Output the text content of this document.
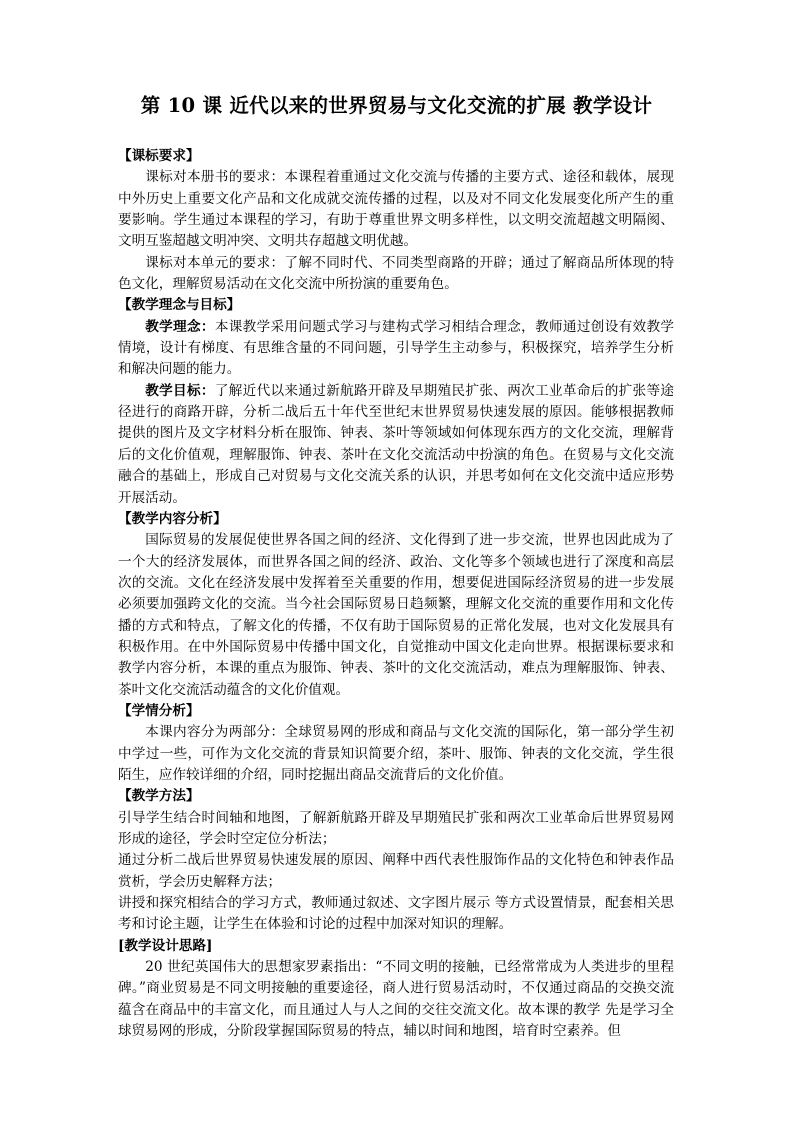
第 10 课 近代以来的世界贸易与文化交流的扩展 教学设计

【课标要求】

课标对本册书的要求：本课程着重通过文化交流与传播的主要方式、途径和载体，展现中外历史上重要文化产品和文化成就交流传播的过程，以及对不同文化发展变化所产生的重要影响。学生通过本课程的学习，有助于尊重世界文明多样性，以文明交流超越文明隔阂、文明互鉴超越文明冲突、文明共存超越文明优越。

课标对本单元的要求：了解不同时代、不同类型商路的开辟；通过了解商品所体现的特色文化，理解贸易活动在文化交流中所扮演的重要角色。

【教学理念与目标】

教学理念：本课教学采用问题式学习与建构式学习相结合理念，教师通过创设有效教学情境，设计有梯度、有思维含量的不同问题，引导学生主动参与，积极探究，培养学生分析和解决问题的能力。

教学目标：了解近代以来通过新航路开辟及早期殖民扩张、两次工业革命后的扩张等途径进行的商路开辟，分析二战后五十年代至世纪末世界贸易快速发展的原因。能够根据教师提供的图片及文字材料分析在服饰、钟表、茶叶等领域如何体现东西方的文化交流，理解背后的文化价值观，理解服饰、钟表、茶叶在文化交流活动中扮演的角色。在贸易与文化交流融合的基础上，形成自己对贸易与文化交流关系的认识，并思考如何在文化交流中适应形势开展活动。

【教学内容分析】

国际贸易的发展促使世界各国之间的经济、文化得到了进一步交流，世界也因此成为了一个大的经济发展体，而世界各国之间的经济、政治、文化等多个领域也进行了深度和高层次的交流。文化在经济发展中发挥着至关重要的作用，想要促进国际经济贸易的进一步发展必须要加强跨文化的交流。当今社会国际贸易日趋频繁，理解文化交流的重要作用和文化传播的方式和特点，了解文化的传播，不仅有助于国际贸易的正常化发展，也对文化发展具有积极作用。在中外国际贸易中传播中国文化，自觉推动中国文化走向世界。根据课标要求和教学内容分析，本课的重点为服饰、钟表、茶叶的文化交流活动，难点为理解服饰、钟表、茶叶文化交流活动蕴含的文化价值观。

【学情分析】

本课内容分为两部分：全球贸易网的形成和商品与文化交流的国际化，第一部分学生初中学过一些，可作为文化交流的背景知识简要介绍，茶叶、服饰、钟表的文化交流，学生很陌生，应作较详细的介绍，同时挖掘出商品交流背后的文化价值。

【教学方法】

引导学生结合时间轴和地图，了解新航路开辟及早期殖民扩张和两次工业革命后世界贸易网形成的途径，学会时空定位分析法；

通过分析二战后世界贸易快速发展的原因、阐释中西代表性服饰作品的文化特色和钟表作品赏析，学会历史解释方法；

讲授和探究相结合的学习方式，教师通过叙述、文字图片展示 等方式设置情景，配套相关思考和讨论主题，让学生在体验和讨论的过程中加深对知识的理解。

[教学设计思路]

20 世纪英国伟大的思想家罗素指出：“不同文明的接触，已经常常成为人类进步的里程碑。”商业贸易是不同文明接触的重要途径，商人进行贸易活动时，不仅通过商品的交换交流蕴含在商品中的丰富文化，而且通过人与人之间的交往交流文化。故本课的教学 先是学习全球贸易网的形成，分阶段掌握国际贸易的特点，辅以时间和地图，培育时空素养。但
